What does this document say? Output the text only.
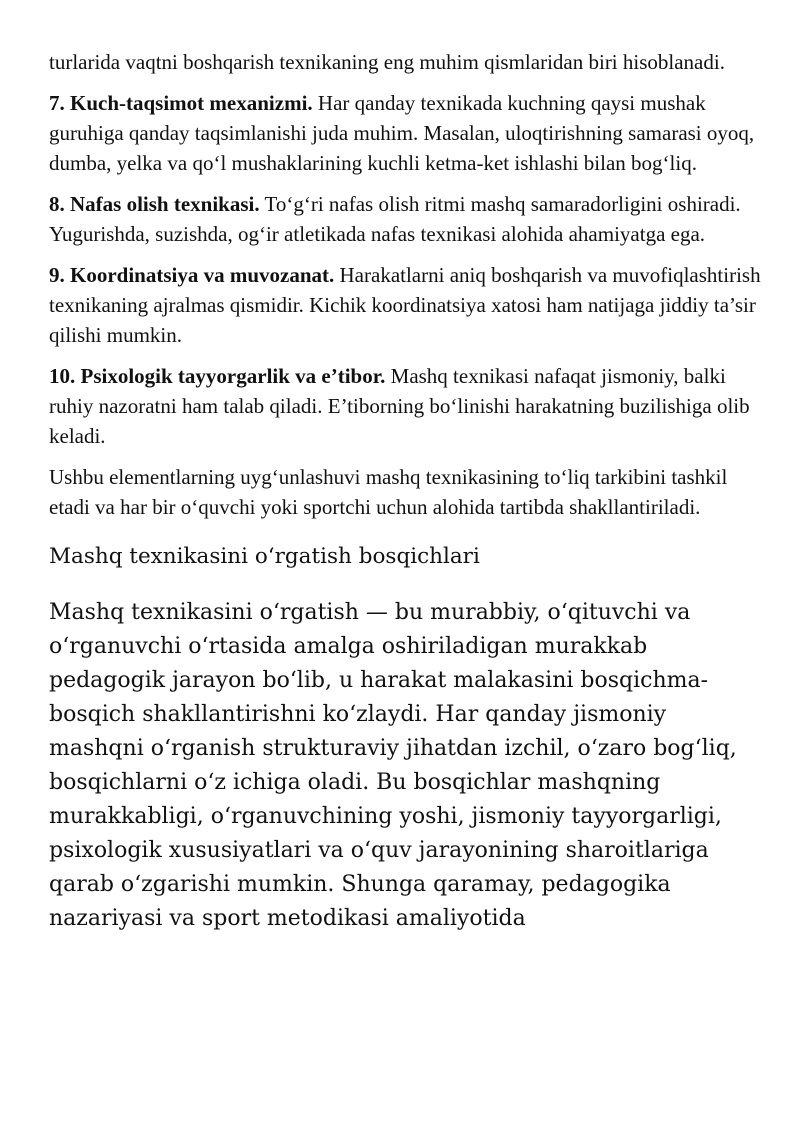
turlarida vaqtni boshqarish texnikaning eng muhim qismlaridan biri hisoblanadi.

7. Kuch-taqsimot mexanizmi. Har qanday texnikada kuchning qaysi mushak guruhiga qanday taqsimlanishi juda muhim. Masalan, uloqtirishning samarasi oyoq, dumba, yelka va qo‘l mushaklarining kuchli ketma-ket ishlashi bilan bog‘liq.

8. Nafas olish texnikasi. To‘g‘ri nafas olish ritmi mashq samaradorligini oshiradi. Yugurishda, suzishda, og‘ir atletikada nafas texnikasi alohida ahamiyatga ega.

9. Koordinatsiya va muvozanat. Harakatlarni aniq boshqarish va muvofiqlashtirish texnikaning ajralmas qismidir. Kichik koordinatsiya xatosi ham natijaga jiddiy ta’sir qilishi mumkin.

10. Psixologik tayyorgarlik va e’tibor. Mashq texnikasi nafaqat jismoniy, balki ruhiy nazoratni ham talab qiladi. E’tiborning bo‘linishi harakatning buzilishiga olib keladi.

Ushbu elementlarning uyg‘unlashuvi mashq texnikasining to‘liq tarkibini tashkil etadi va har bir o‘quvchi yoki sportchi uchun alohida tartibda shakllantiriladi.

Mashq texnikasini o‘rgatish bosqichlari

Mashq texnikasini o‘rgatish — bu murabbiy, o‘qituvchi va o‘rganuvchi o‘rtasida amalga oshiriladigan murakkab pedagogik jarayon bo‘lib, u harakat malakasini bosqichma-bosqich shakllantirishni ko‘zlaydi. Har qanday jismoniy mashqni o‘rganish strukturaviy jihatdan izchil, o‘zaro bog‘liq, bosqichlarni o‘z ichiga oladi. Bu bosqichlar mashqning murakkabligi, o‘rganuvchining yoshi, jismoniy tayyorgarligi, psixologik xususiyatlari va o‘quv jarayonining sharoitlariga qarab o‘zgarishi mumkin. Shunga qaramay, pedagogika nazariyasi va sport metodikasi amaliyotida
